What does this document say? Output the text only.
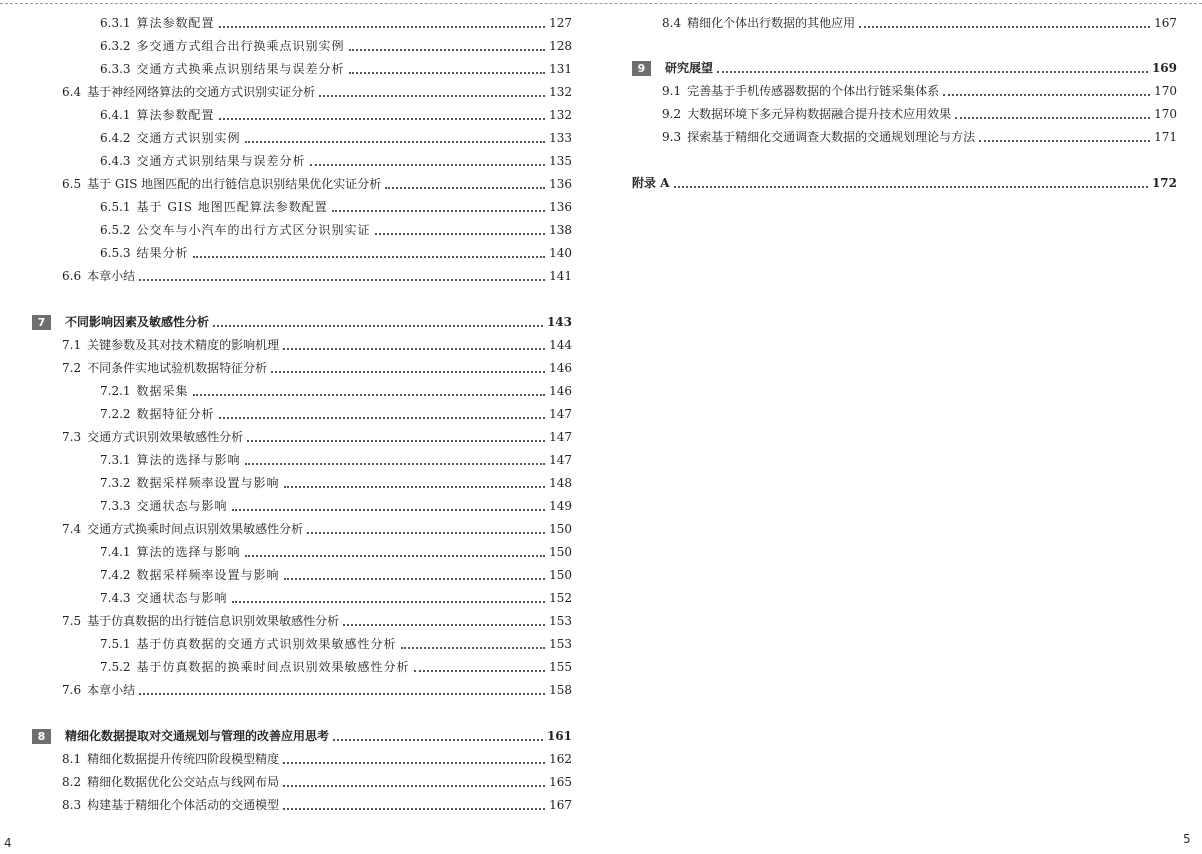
6.3.1 算法参数配置	127
6.3.2 多交通方式组合出行换乘点识别实例	128
6.3.3 交通方式换乘点识别结果与误差分析	131
6.4 基于神经网络算法的交通方式识别实证分析	132
6.4.1 算法参数配置	132
6.4.2 交通方式识别实例	133
6.4.3 交通方式识别结果与误差分析	135
6.5 基于 GIS 地图匹配的出行链信息识别结果优化实证分析	136
6.5.1 基于 GIS 地图匹配算法参数配置	136
6.5.2 公交车与小汽车的出行方式区分识别实证	138
6.5.3 结果分析	140
6.6 本章小结	141
7	不同影响因素及敏感性分析	143
7.1 关键参数及其对技术精度的影响机理	144
7.2 不同条件实地试验机数据特征分析	146
7.2.1 数据采集	146
7.2.2 数据特征分析	147
7.3 交通方式识别效果敏感性分析	147
7.3.1 算法的选择与影响	147
7.3.2 数据采样频率设置与影响	148
7.3.3 交通状态与影响	149
7.4 交通方式换乘时间点识别效果敏感性分析	150
7.4.1 算法的选择与影响	150
7.4.2 数据采样频率设置与影响	150
7.4.3 交通状态与影响	152
7.5 基于仿真数据的出行链信息识别效果敏感性分析	153
7.5.1 基于仿真数据的交通方式识别效果敏感性分析	153
7.5.2 基于仿真数据的换乘时间点识别效果敏感性分析	155
7.6 本章小结	158
8	精细化数据提取对交通规划与管理的改善应用思考	161
8.1 精细化数据提升传统四阶段模型精度	162
8.2 精细化数据优化公交站点与线网布局	165
8.3 构建基于精细化个体活动的交通模型	167
8.4 精细化个体出行数据的其他应用	167
9	研究展望	169
9.1 完善基于手机传感器数据的个体出行链采集体系	170
9.2 大数据环境下多元异构数据融合提升技术应用效果	170
9.3 探索基于精细化交通调查大数据的交通规划理论与方法	171
附录 A	172
4	5
